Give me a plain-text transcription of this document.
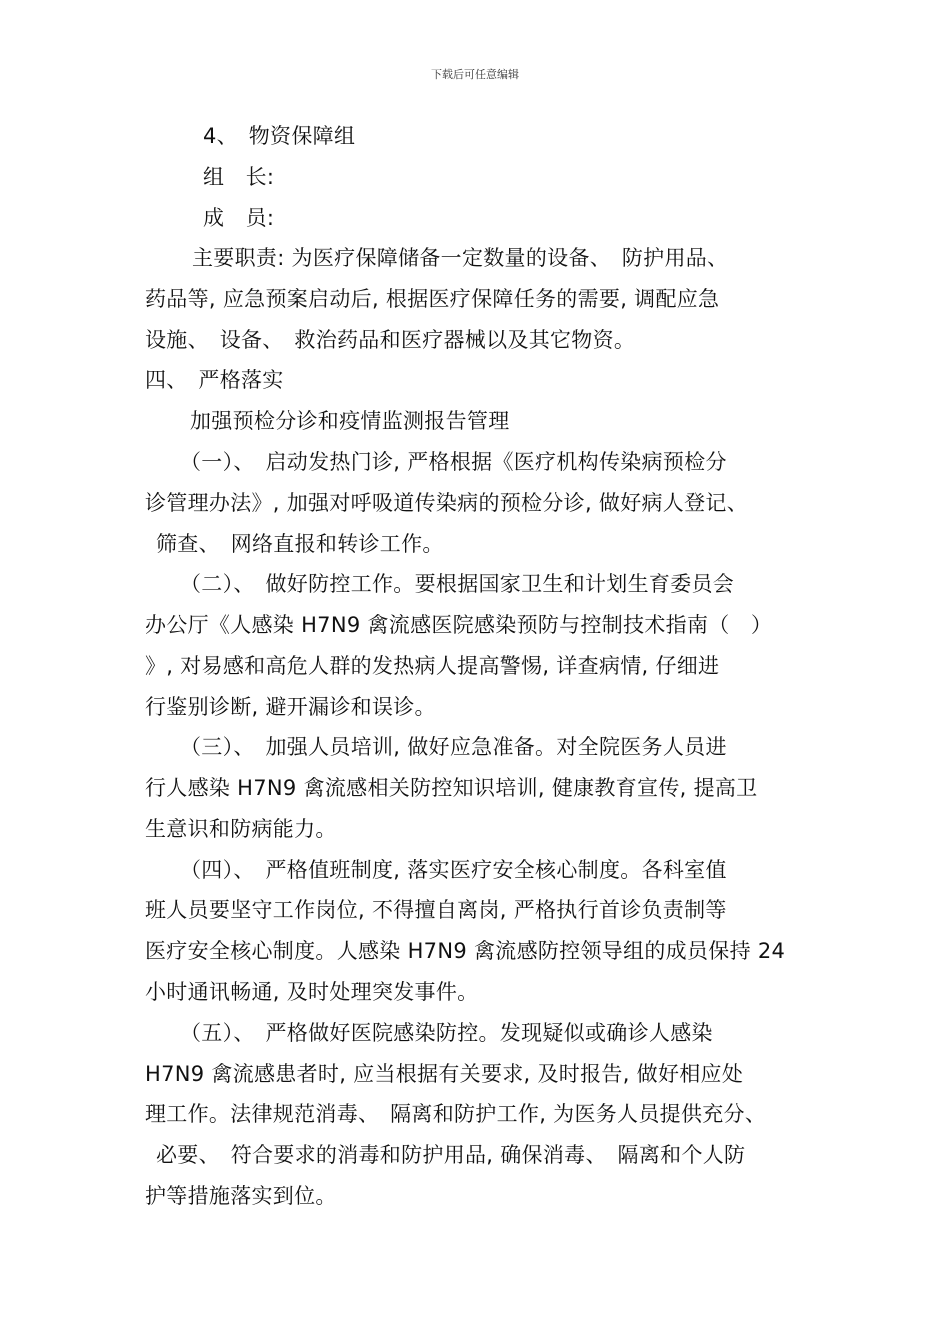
下载后可任意编辑
4、　物资保障组
组　长:
成　员:
主要职责: 为医疗保障储备一定数量的设备、　防护用品、
药品等, 应急预案启动后, 根据医疗保障任务的需要, 调配应急
设施、　设备、　救治药品和医疗器械以及其它物资。
四、　严格落实
加强预检分诊和疫情监测报告管理
（一）、　启动发热门诊, 严格根据《医疗机构传染病预检分
诊管理办法》, 加强对呼吸道传染病的预检分诊, 做好病人登记、
筛查、　网络直报和转诊工作。
（二）、　做好防控工作。要根据国家卫生和计划生育委员会
办公厅《人感染 H7N9 禽流感医院感染预防与控制技术指南（　）
》, 对易感和高危人群的发热病人提高警惕, 详查病情, 仔细进
行鉴别诊断, 避开漏诊和误诊。
（三）、　加强人员培训, 做好应急准备。对全院医务人员进
行人感染 H7N9 禽流感相关防控知识培训, 健康教育宣传, 提高卫
生意识和防病能力。
（四）、　严格值班制度, 落实医疗安全核心制度。各科室值
班人员要坚守工作岗位, 不得擅自离岗, 严格执行首诊负责制等
医疗安全核心制度。人感染 H7N9 禽流感防控领导组的成员保持 24
小时通讯畅通, 及时处理突发事件。
（五）、　严格做好医院感染防控。发现疑似或确诊人感染
H7N9 禽流感患者时, 应当根据有关要求, 及时报告, 做好相应处
理工作。法律规范消毒、　隔离和防护工作, 为医务人员提供充分、
必要、　符合要求的消毒和防护用品, 确保消毒、　隔离和个人防
护等措施落实到位。
